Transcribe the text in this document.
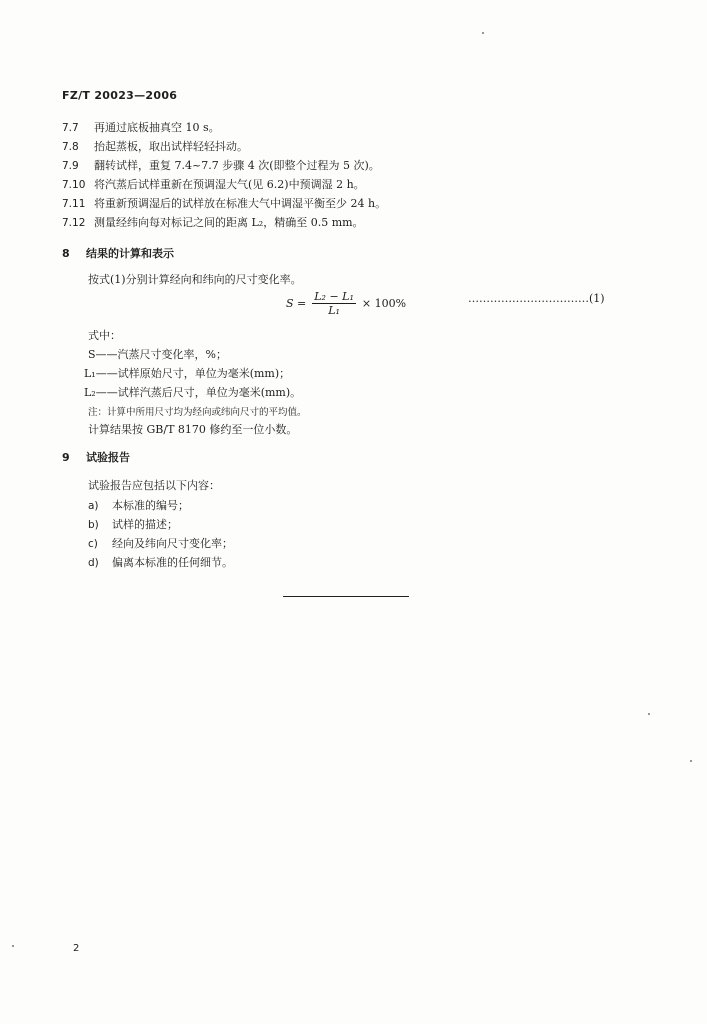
FZ/T 20023—2006
7.7 再通过底板抽真空 10 s。
7.8 抬起蒸板，取出试样轻轻抖动。
7.9 翻转试样，重复 7.4~7.7 步骤 4 次(即整个过程为 5 次)。
7.10 将汽蒸后试样重新在预调湿大气(见 6.2)中预调湿 2 h。
7.11 将重新预调湿后的试样放在标准大气中调湿平衡至少 24 h。
7.12 测量经纬向每对标记之间的距离 L₂，精确至 0.5 mm。
8 结果的计算和表示
按式(1)分别计算经向和纬向的尺寸变化率。
$S = \frac{\text{L₂ − L₁}}{\text{L₁}} \times 100\%$	……………………………(1)
式中：
S——汽蒸尺寸变化率，%；
L₁——试样原始尺寸，单位为毫米(mm)；
L₂——试样汽蒸后尺寸，单位为毫米(mm)。
注：计算中所用尺寸均为经向或纬向尺寸的平均值。
计算结果按 GB/T 8170 修约至一位小数。
9 试验报告
试验报告应包括以下内容：
a) 本标准的编号；
b) 试样的描述；
c) 经向及纬向尺寸变化率；
d) 偏离本标准的任何细节。
2
